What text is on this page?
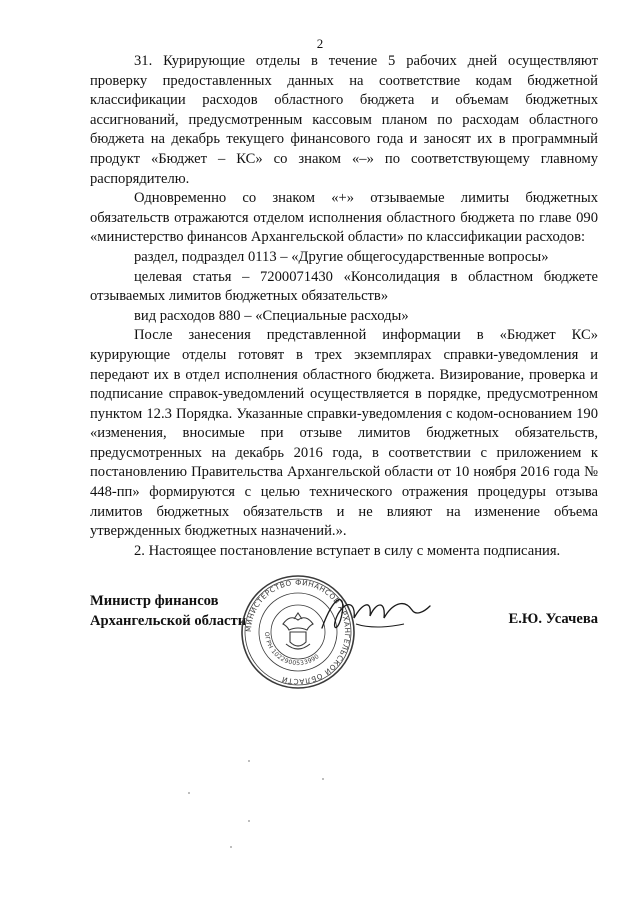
2

31. Курирующие отделы в течение 5 рабочих дней осуществляют проверку предоставленных данных на соответствие кодам бюджетной классификации расходов областного бюджета и объемам бюджетных ассигнований, предусмотренным кассовым планом по расходам областного бюджета на декабрь текущего финансового года и заносят их в программный продукт «Бюджет – КС» со знаком «–» по соответствующему главному распорядителю.

Одновременно со знаком «+» отзываемые лимиты бюджетных обязательств отражаются отделом исполнения областного бюджета по главе 090 «министерство финансов Архангельской области» по классификации расходов:

раздел, подраздел 0113 – «Другие общегосударственные вопросы»

целевая статья – 7200071430 «Консолидация в областном бюджете отзываемых лимитов бюджетных обязательств»

вид расходов 880 – «Специальные расходы»

После занесения представленной информации в «Бюджет КС» курирующие отделы готовят в трех экземплярах справки-уведомления и передают их в отдел исполнения областного бюджета. Визирование, проверка и подписание справок-уведомлений осуществляется в порядке, предусмотренном пунктом 12.3 Порядка. Указанные справки-уведомления с кодом-основанием 190 «изменения, вносимые при отзыве лимитов бюджетных обязательств, предусмотренных на декабрь 2016 года, в соответствии с приложением к постановлению Правительства Архангельской области от 10 ноября 2016 года № 448-пп» формируются с целью технического отражения процедуры отзыва лимитов бюджетных обязательств и не влияют на изменение объема утвержденных бюджетных назначений.».

2. Настоящее постановление вступает в силу с момента подписания.

Министр финансов
Архангельской области
МИНИСТЕРСТВО ФИНАНСОВ АРХАНГЕЛЬСКОЙ ОБЛАСТИ
ОГРН 1022900533990
Е.Ю. Усачева
